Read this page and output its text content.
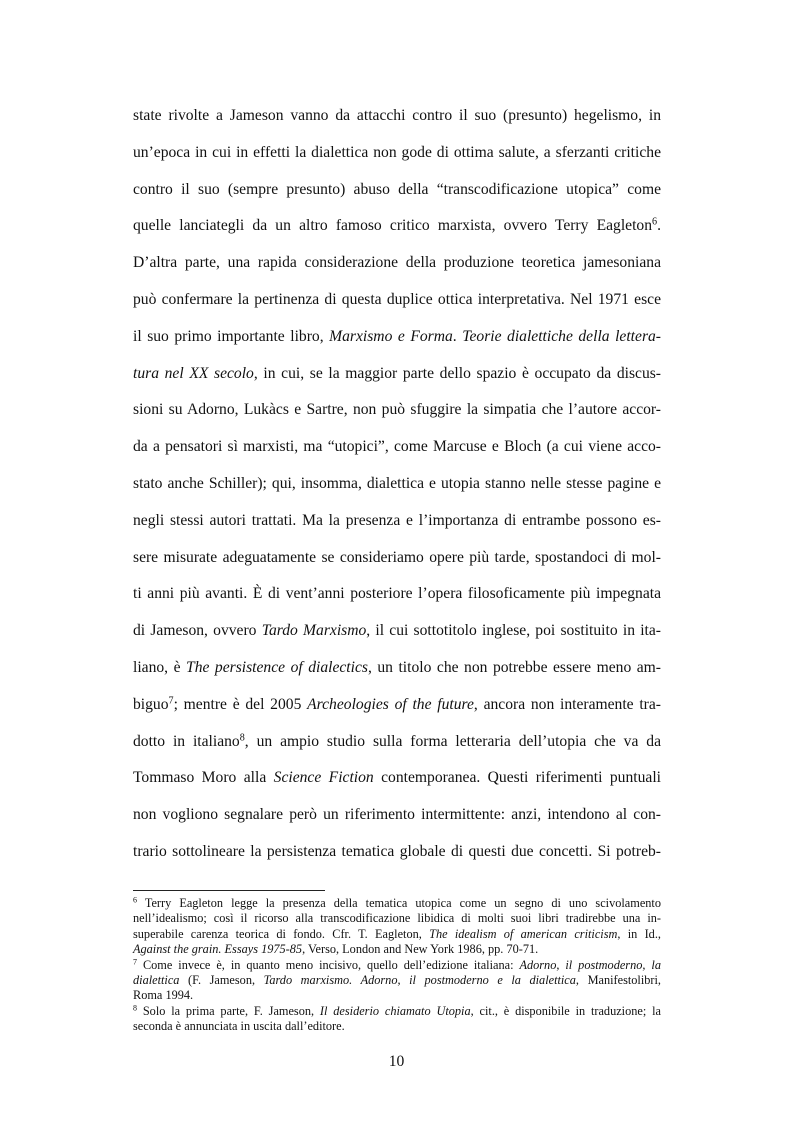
state rivolte a Jameson vanno da attacchi contro il suo (presunto) hegelismo, in
un’epoca in cui in effetti la dialettica non gode di ottima salute, a sferzanti critiche
contro il suo (sempre presunto) abuso della “transcodificazione utopica” come
quelle lanciategli da un altro famoso critico marxista, ovvero Terry Eagleton$^6$.
D’altra parte, una rapida considerazione della produzione teoretica jamesoniana
può confermare la pertinenza di questa duplice ottica interpretativa. Nel 1971 esce
il suo primo importante libro, Marxismo e Forma. Teorie dialettiche della lettera-
tura nel XX secolo, in cui, se la maggior parte dello spazio è occupato da discus-
sioni su Adorno, Lukàcs e Sartre, non può sfuggire la simpatia che l’autore accor-
da a pensatori sì marxisti, ma “utopici”, come Marcuse e Bloch (a cui viene acco-
stato anche Schiller); qui, insomma, dialettica e utopia stanno nelle stesse pagine e
negli stessi autori trattati. Ma la presenza e l’importanza di entrambe possono es-
sere misurate adeguatamente se consideriamo opere più tarde, spostandoci di mol-
ti anni più avanti. È di vent’anni posteriore l’opera filosoficamente più impegnata
di Jameson, ovvero Tardo Marxismo, il cui sottotitolo inglese, poi sostituito in ita-
liano, è The persistence of dialectics, un titolo che non potrebbe essere meno am-
biguo$^7$; mentre è del 2005 Archeologies of the future, ancora non interamente tra-
dotto in italiano$^8$, un ampio studio sulla forma letteraria dell’utopia che va da
Tommaso Moro alla Science Fiction contemporanea. Questi riferimenti puntuali
non vogliono segnalare però un riferimento intermittente: anzi, intendono al con-
trario sottolineare la persistenza tematica globale di questi due concetti. Si potreb-
$^6$ Terry Eagleton legge la presenza della tematica utopica come un segno di uno scivolamento
nell’idealismo; così il ricorso alla transcodificazione libidica di molti suoi libri tradirebbe una in-
superabile carenza teorica di fondo. Cfr. T. Eagleton, The idealism of american criticism, in Id.,
Against the grain. Essays 1975-85, Verso, London and New York 1986, pp. 70-71.
$^7$ Come invece è, in quanto meno incisivo, quello dell’edizione italiana: Adorno, il postmoderno, la
dialettica (F. Jameson, Tardo marxismo. Adorno, il postmoderno e la dialettica, Manifestolibri,
Roma 1994.
$^8$ Solo la prima parte, F. Jameson, Il desiderio chiamato Utopia, cit., è disponibile in traduzione; la
seconda è annunciata in uscita dall’editore.
10
